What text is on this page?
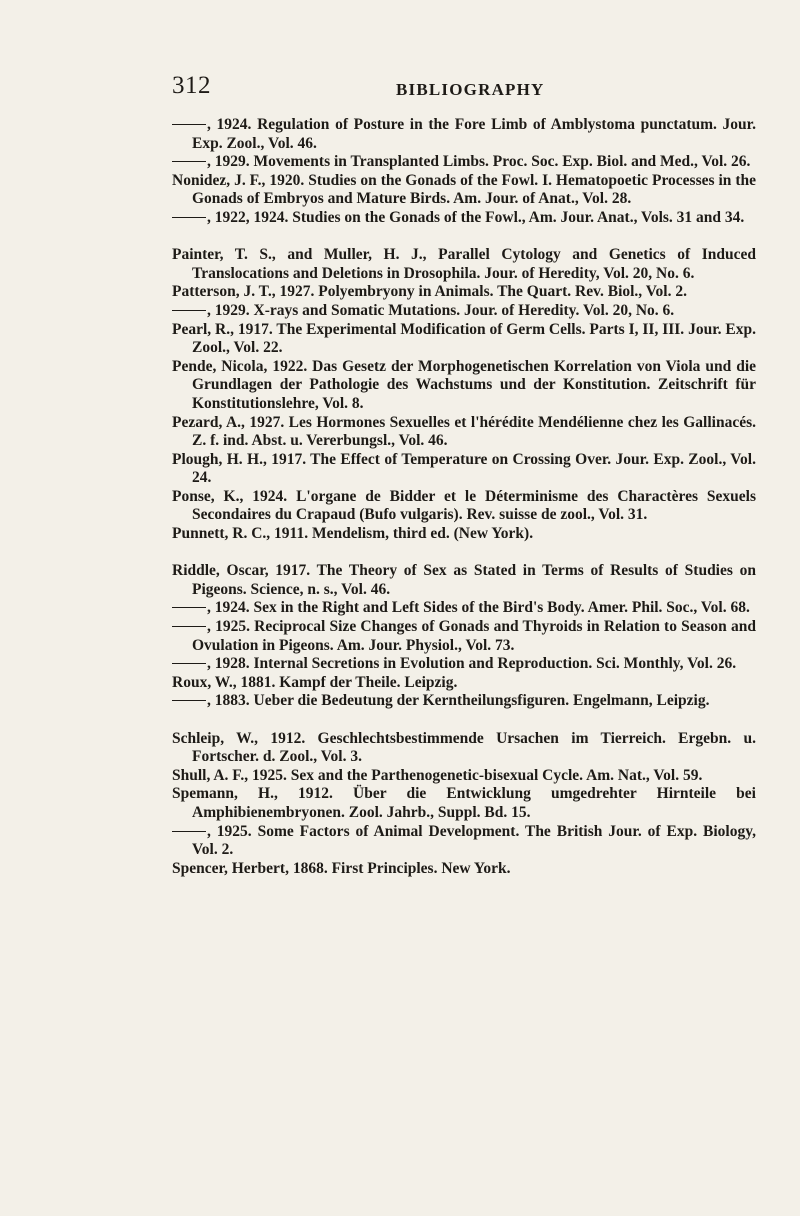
312	BIBLIOGRAPHY

, 1924. Regulation of Posture in the Fore Limb of Amblystoma punctatum. Jour. Exp. Zool., Vol. 46.

, 1929. Movements in Transplanted Limbs. Proc. Soc. Exp. Biol. and Med., Vol. 26.

Nonidez, J. F., 1920. Studies on the Gonads of the Fowl. I. Hematopoetic Processes in the Gonads of Embryos and Mature Birds. Am. Jour. of Anat., Vol. 28.

, 1922, 1924. Studies on the Gonads of the Fowl., Am. Jour. Anat., Vols. 31 and 34.

Painter, T. S., and Muller, H. J., Parallel Cytology and Genetics of Induced Translocations and Deletions in Drosophila. Jour. of Heredity, Vol. 20, No. 6.

Patterson, J. T., 1927. Polyembryony in Animals. The Quart. Rev. Biol., Vol. 2.

, 1929. X-rays and Somatic Mutations. Jour. of Heredity. Vol. 20, No. 6.

Pearl, R., 1917. The Experimental Modification of Germ Cells. Parts I, II, III. Jour. Exp. Zool., Vol. 22.

Pende, Nicola, 1922. Das Gesetz der Morphogenetischen Korrelation von Viola und die Grundlagen der Pathologie des Wachstums und der Konstitution. Zeitschrift für Konstitutionslehre, Vol. 8.

Pezard, A., 1927. Les Hormones Sexuelles et l'hérédite Mendélienne chez les Gallinacés. Z. f. ind. Abst. u. Vererbungsl., Vol. 46.

Plough, H. H., 1917. The Effect of Temperature on Crossing Over. Jour. Exp. Zool., Vol. 24.

Ponse, K., 1924. L'organe de Bidder et le Déterminisme des Charactères Sexuels Secondaires du Crapaud (Bufo vulgaris). Rev. suisse de zool., Vol. 31.

Punnett, R. C., 1911. Mendelism, third ed. (New York).

Riddle, Oscar, 1917. The Theory of Sex as Stated in Terms of Results of Studies on Pigeons. Science, n. s., Vol. 46.

, 1924. Sex in the Right and Left Sides of the Bird's Body. Amer. Phil. Soc., Vol. 68.

, 1925. Reciprocal Size Changes of Gonads and Thyroids in Relation to Season and Ovulation in Pigeons. Am. Jour. Physiol., Vol. 73.

, 1928. Internal Secretions in Evolution and Reproduction. Sci. Monthly, Vol. 26.

Roux, W., 1881. Kampf der Theile. Leipzig.

, 1883. Ueber die Bedeutung der Kerntheilungsfiguren. Engelmann, Leipzig.

Schleip, W., 1912. Geschlechtsbestimmende Ursachen im Tierreich. Ergebn. u. Fortscher. d. Zool., Vol. 3.

Shull, A. F., 1925. Sex and the Parthenogenetic-bisexual Cycle. Am. Nat., Vol. 59.

Spemann, H., 1912. Über die Entwicklung umgedrehter Hirnteile bei Amphibienembryonen. Zool. Jahrb., Suppl. Bd. 15.

, 1925. Some Factors of Animal Development. The British Jour. of Exp. Biology, Vol. 2.

Spencer, Herbert, 1868. First Principles. New York.
